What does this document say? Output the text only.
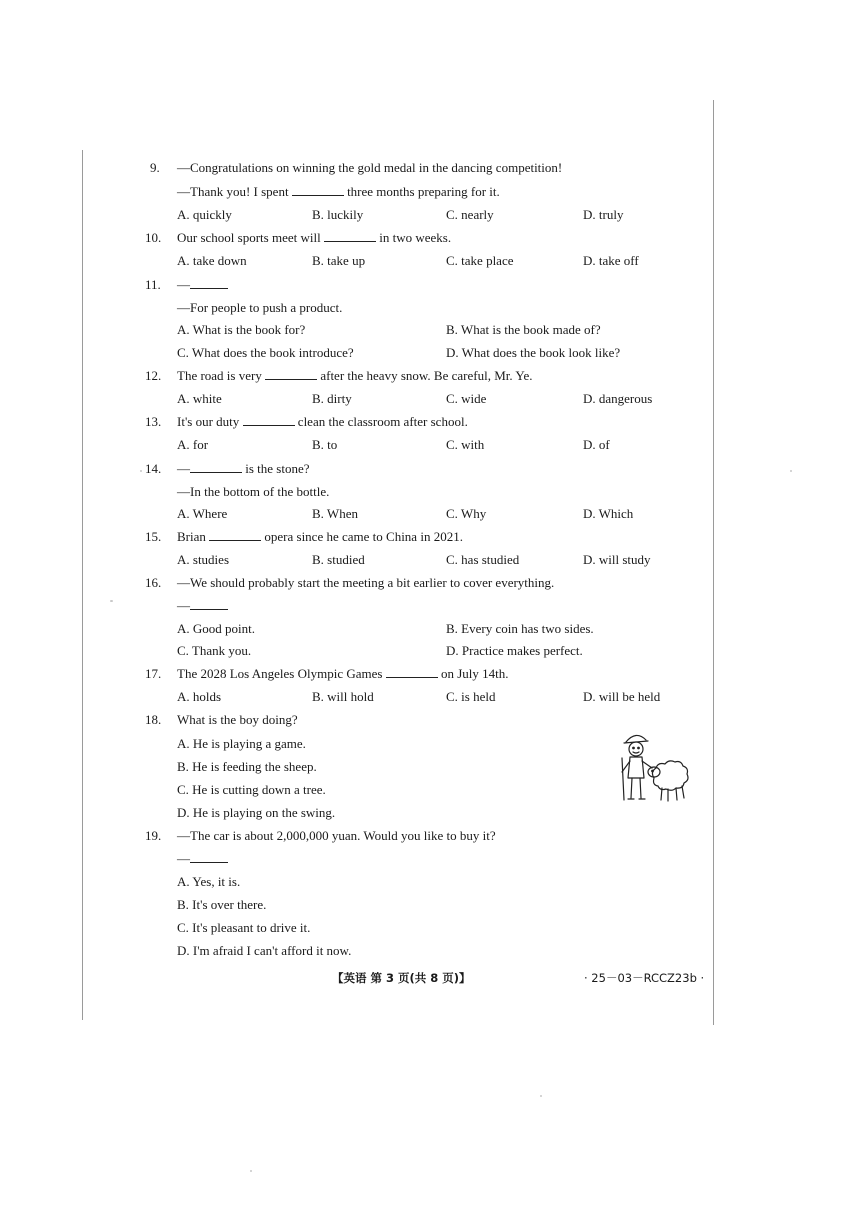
9. —Congratulations on winning the gold medal in the dancing competition!
—Thank you! I spent	three months preparing for it.
A. quickly	B. luckily	C. nearly	D. truly
10. Our school sports meet will	in two weeks.
A. take down	B. take up	C. take place	D. take off
11. —
—For people to push a product.
A. What is the book for?	B. What is the book made of?
C. What does the book introduce?	D. What does the book look like?
12. The road is very	after the heavy snow. Be careful, Mr. Ye.
A. white	B. dirty	C. wide	D. dangerous
13. It's our duty	clean the classroom after school.
A. for	B. to	C. with	D. of
14. —	is the stone?
—In the bottom of the bottle.
A. Where	B. When	C. Why	D. Which
15. Brian	opera since he came to China in 2021.
A. studies	B. studied	C. has studied	D. will study
16. —We should probably start the meeting a bit earlier to cover everything.
—
A. Good point.	B. Every coin has two sides.
C. Thank you.	D. Practice makes perfect.
17. The 2028 Los Angeles Olympic Games	on July 14th.
A. holds	B. will hold	C. is held	D. will be held
18. What is the boy doing?
A. He is playing a game.
B. He is feeding the sheep.
C. He is cutting down a tree.
D. He is playing on the swing.
19. —The car is about 2,000,000 yuan. Would you like to buy it?
—
A. Yes, it is.
B. It's over there.
C. It's pleasant to drive it.
D. I'm afraid I can't afford it now.
【英语 第 3 页(共 8 页)】	· 25－03－RCCZ23b ·
